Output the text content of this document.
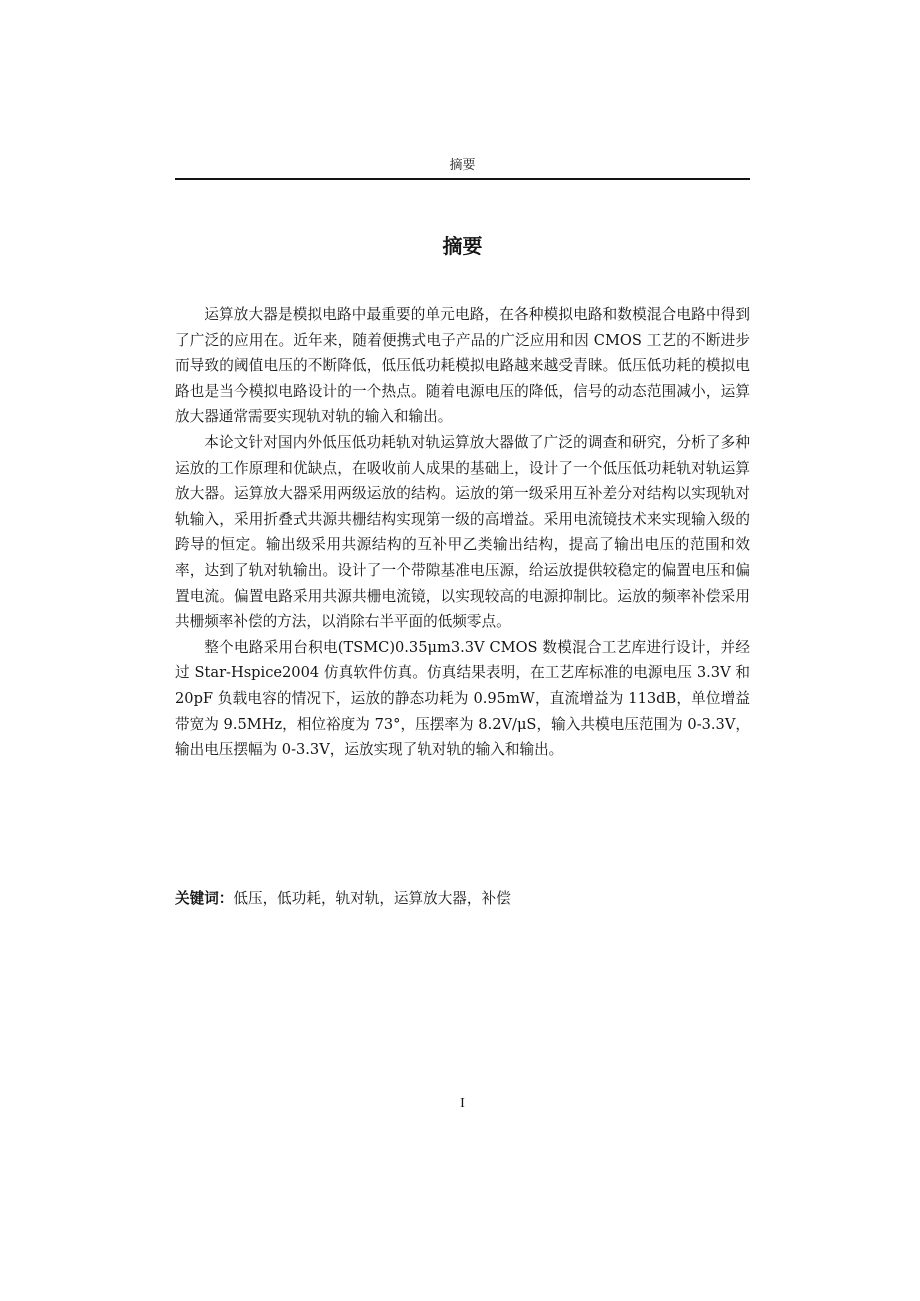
摘要
摘要

运算放大器是模拟电路中最重要的单元电路，在各种模拟电路和数模混合电路中得到了广泛的应用在。近年来，随着便携式电子产品的广泛应用和因 CMOS 工艺的不断进步而导致的阈值电压的不断降低，低压低功耗模拟电路越来越受青睐。低压低功耗的模拟电路也是当今模拟电路设计的一个热点。随着电源电压的降低，信号的动态范围减小，运算放大器通常需要实现轨对轨的输入和输出。

本论文针对国内外低压低功耗轨对轨运算放大器做了广泛的调查和研究，分析了多种运放的工作原理和优缺点，在吸收前人成果的基础上，设计了一个低压低功耗轨对轨运算放大器。运算放大器采用两级运放的结构。运放的第一级采用互补差分对结构以实现轨对轨输入，采用折叠式共源共栅结构实现第一级的高增益。采用电流镜技术来实现输入级的跨导的恒定。输出级采用共源结构的互补甲乙类输出结构，提高了输出电压的范围和效率，达到了轨对轨输出。设计了一个带隙基准电压源，给运放提供较稳定的偏置电压和偏置电流。偏置电路采用共源共栅电流镜，以实现较高的电源抑制比。运放的频率补偿采用共栅频率补偿的方法，以消除右半平面的低频零点。

整个电路采用台积电(TSMC)0.35μm3.3V CMOS 数模混合工艺库进行设计，并经过 Star-Hspice2004 仿真软件仿真。仿真结果表明，在工艺库标准的电源电压 3.3V 和 20pF 负载电容的情况下，运放的静态功耗为 0.95mW，直流增益为 113dB，单位增益带宽为 9.5MHz，相位裕度为 73°，压摆率为 8.2V/μS，输入共模电压范围为 0-3.3V，输出电压摆幅为 0-3.3V，运放实现了轨对轨的输入和输出。

关键词：低压，低功耗，轨对轨，运算放大器，补偿
I
